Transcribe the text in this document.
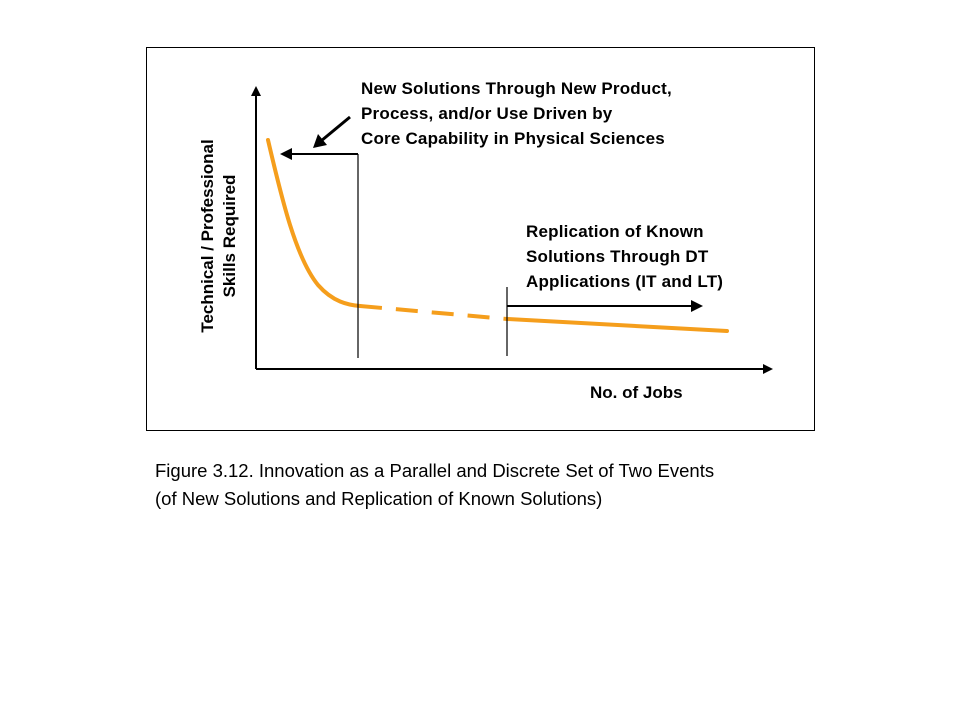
New Solutions Through New Product,
Process, and/or Use Driven by
Core Capability in Physical Sciences
Replication of Known
Solutions Through DT
Applications (IT and LT)
Technical / Professional Skills Required
No. of Jobs
Figure 3.12. Innovation as a Parallel and Discrete Set of Two Events
(of New Solutions and Replication of Known Solutions)
